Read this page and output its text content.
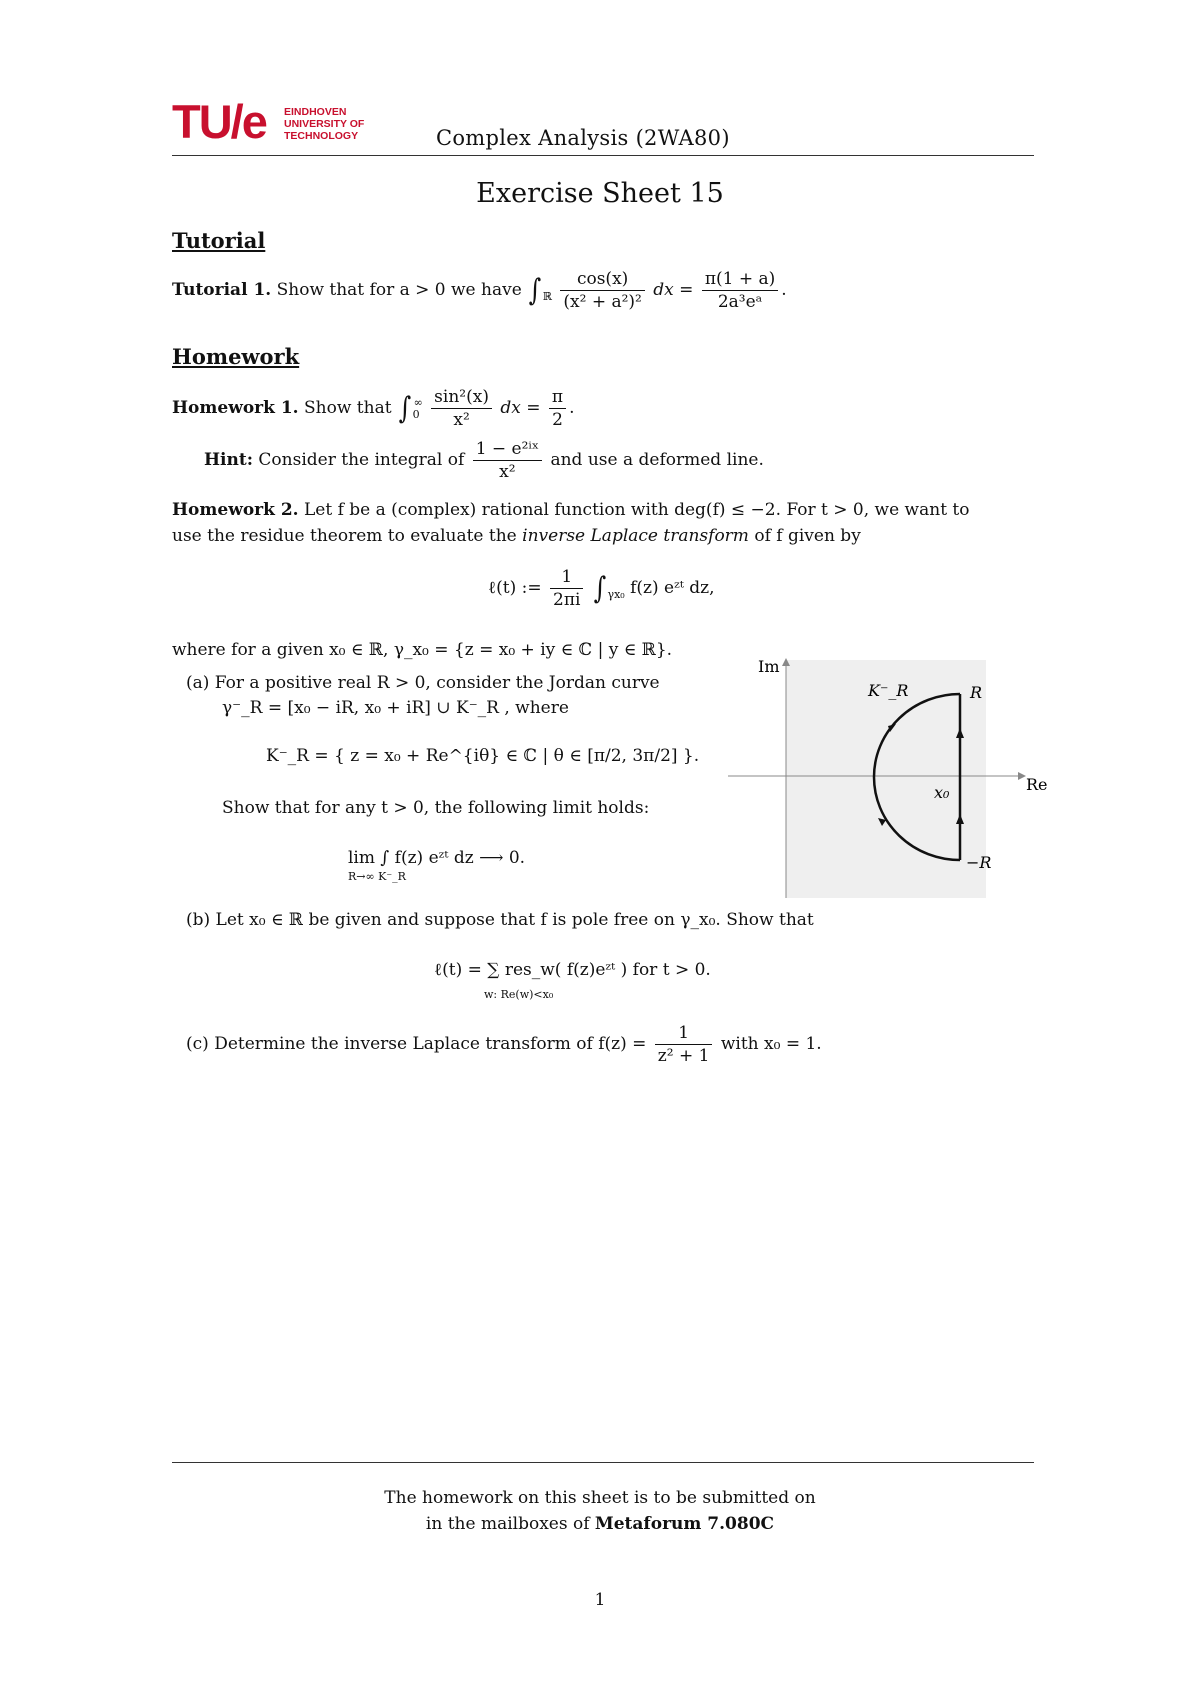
TU/e EINDHOVEN
UNIVERSITY OF
TECHNOLOGY	Complex Analysis (2WA80)
Exercise Sheet 15
Tutorial
Tutorial 1. Show that for a > 0 we have ∫ $_ℝ \frac{\cos(x)}{\text{(x² + a²)²}}$ dx = $\frac{\pi(1 + a)}{\text{2a³eᵃ}}$ .
Homework
Homework 1. Show that ∫ $_0^\infty \frac{\text{sin²(x)}}{\text{x²}}$ dx = $\frac{\pi}{2}$ .
Hint: Consider the integral of $\frac{\text{1 − e²ⁱˣ}}{\text{x²}}$ and use a deformed line.
Homework 2. Let f be a (complex) rational function with deg(f) ≤ −2. For t > 0, we want to
use the residue theorem to evaluate the inverse Laplace transform of f given by
ℓ(t) := $\frac{1}{2\pi i}$ ∫ $_{\gamma x_0}$ f(z) eᶻᵗ dz,
where for a given x₀ ∈ ℝ, γ_x₀ = {z = x₀ + iy ∈ ℂ | y ∈ ℝ}.
(a) For a positive real R > 0, consider the Jordan curve
γ⁻_R = [x₀ − iR, x₀ + iR] ∪ K⁻_R , where
K⁻_R = { z = x₀ + Re^{iθ} ∈ ℂ | θ ∈ [π/2, 3π/2] }.
Show that for any t > 0, the following limit holds:
lim ∫ f(z) eᶻᵗ dz ⟶ 0.
R→∞ K⁻_R
Im
Re
K⁻_R	R
−R
x₀
(b) Let x₀ ∈ ℝ be given and suppose that f is pole free on γ_x₀. Show that
ℓ(t) = ∑ res_w( f(z)eᶻᵗ ) for t > 0.
w: Re(w)<x₀
(c) Determine the inverse Laplace transform of $f(z) = \frac{1}{\text{z² + 1}}$ with x₀ = 1.
The homework on this sheet is to be submitted on
in the mailboxes of Metaforum 7.080C
1
